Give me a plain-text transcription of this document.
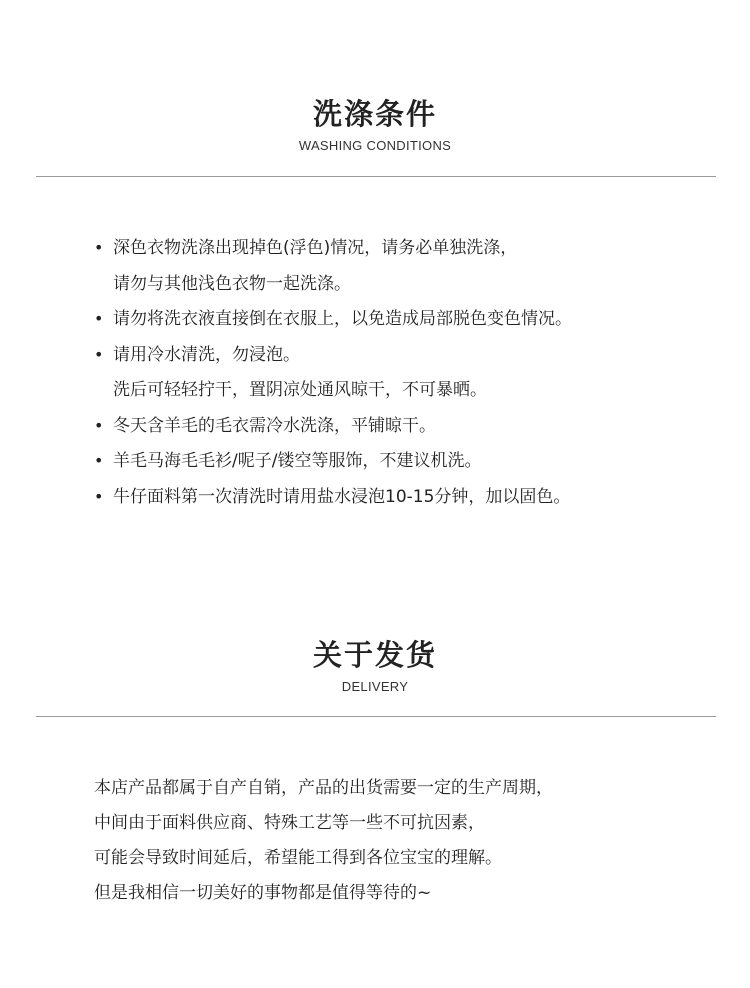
洗涤条件
WASHING CONDITIONS
• 深色衣物洗涤出现掉色(浮色)情况，请务必单独洗涤，
请勿与其他浅色衣物一起洗涤。
• 请勿将洗衣液直接倒在衣服上，以免造成局部脱色变色情况。
• 请用冷水清洗，勿浸泡。
洗后可轻轻拧干，置阴凉处通风晾干，不可暴晒。
• 冬天含羊毛的毛衣需冷水洗涤，平铺晾干。
• 羊毛马海毛毛衫/呢子/镂空等服饰，不建议机洗。
• 牛仔面料第一次清洗时请用盐水浸泡10-15分钟，加以固色。
关于发货
DELIVERY
本店产品都属于自产自销，产品的出货需要一定的生产周期，
中间由于面料供应商、特殊工艺等一些不可抗因素，
可能会导致时间延后，希望能工得到各位宝宝的理解。
但是我相信一切美好的事物都是值得等待的~
